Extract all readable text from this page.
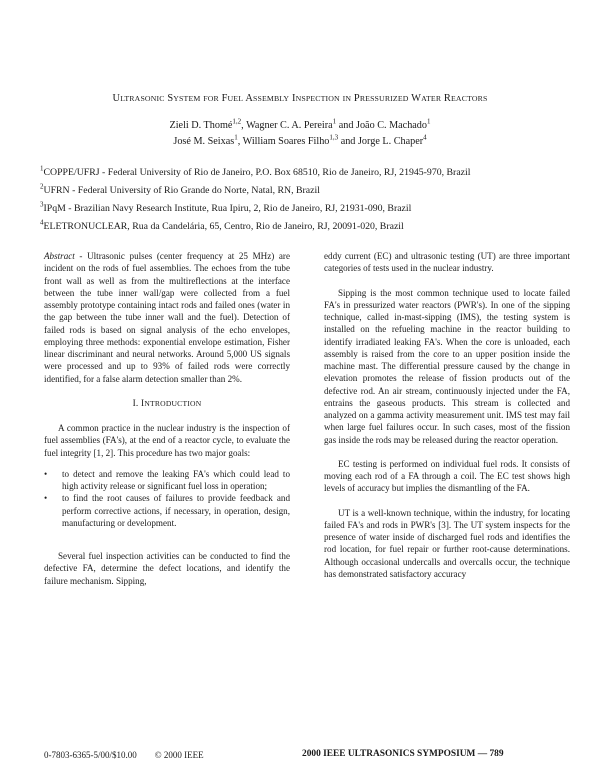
ULTRASONIC SYSTEM FOR FUEL ASSEMBLY INSPECTION IN PRESSURIZED WATER REACTORS
Zieli D. Thomé$^{1,2}$, Wagner C. A. Pereira$^1$ and João C. Machado$^1$
José M. Seixas$^1$, William Soares Filho$^{1,3}$ and Jorge L. Chaper$^4$
$^1$COPPE/UFRJ - Federal University of Rio de Janeiro, P.O. Box 68510, Rio de Janeiro, RJ, 21945-970, Brazil
$^2$UFRN - Federal University of Rio Grande do Norte, Natal, RN, Brazil
$^3$IPqM - Brazilian Navy Research Institute, Rua Ipiru, 2, Rio de Janeiro, RJ, 21931-090, Brazil
$^4$ELETRONUCLEAR, Rua da Candelária, 65, Centro, Rio de Janeiro, RJ, 20091-020, Brazil

Abstract - Ultrasonic pulses (center frequency at 25 MHz) are incident on the rods of fuel assemblies. The echoes from the tube front wall as well as from the multireflections at the interface between the tube inner wall/gap were collected from a fuel assembly prototype containing intact rods and failed ones (water in the gap between the tube inner wall and the fuel). Detection of failed rods is based on signal analysis of the echo envelopes, employing three methods: exponential envelope estimation, Fisher linear discriminant and neural networks. Around 5,000 US signals were processed and up to 93% of failed rods were correctly identified, for a false alarm detection smaller than 2%.

I. INTRODUCTION

A common practice in the nuclear industry is the inspection of fuel assemblies (FA's), at the end of a reactor cycle, to evaluate the fuel integrity [1, 2]. This procedure has two major goals:

•	to detect and remove the leaking FA's which could lead to high activity release or significant fuel loss in operation;
•	to find the root causes of failures to provide feedback and perform corrective actions, if necessary, in operation, design, manufacturing or development.

Several fuel inspection activities can be conducted to find the defective FA, determine the defect locations, and identify the failure mechanism. Sipping,

eddy current (EC) and ultrasonic testing (UT) are three important categories of tests used in the nuclear industry.

Sipping is the most common technique used to locate failed FA's in pressurized water reactors (PWR's). In one of the sipping technique, called in-mast-sipping (IMS), the testing system is installed on the refueling machine in the reactor building to identify irradiated leaking FA's. When the core is unloaded, each assembly is raised from the core to an upper position inside the machine mast. The differential pressure caused by the change in elevation promotes the release of fission products out of the defective rod. An air stream, continuously injected under the FA, entrains the gaseous products. This stream is collected and analyzed on a gamma activity measurement unit. IMS test may fail when large fuel failures occur. In such cases, most of the fission gas inside the rods may be released during the reactor operation.

EC testing is performed on individual fuel rods. It consists of moving each rod of a FA through a coil. The EC test shows high levels of accuracy but implies the dismantling of the FA.

UT is a well-known technique, within the industry, for locating failed FA's and rods in PWR's [3]. The UT system inspects for the presence of water inside of discharged fuel rods and identifies the rod location, for fuel repair or further root-cause determinations. Although occasional undercalls and overcalls occur, the technique has demonstrated satisfactory accuracy

0-7803-6365-5/00/$10.00 © 2000 IEEE	2000 IEEE ULTRASONICS SYMPOSIUM — 789
